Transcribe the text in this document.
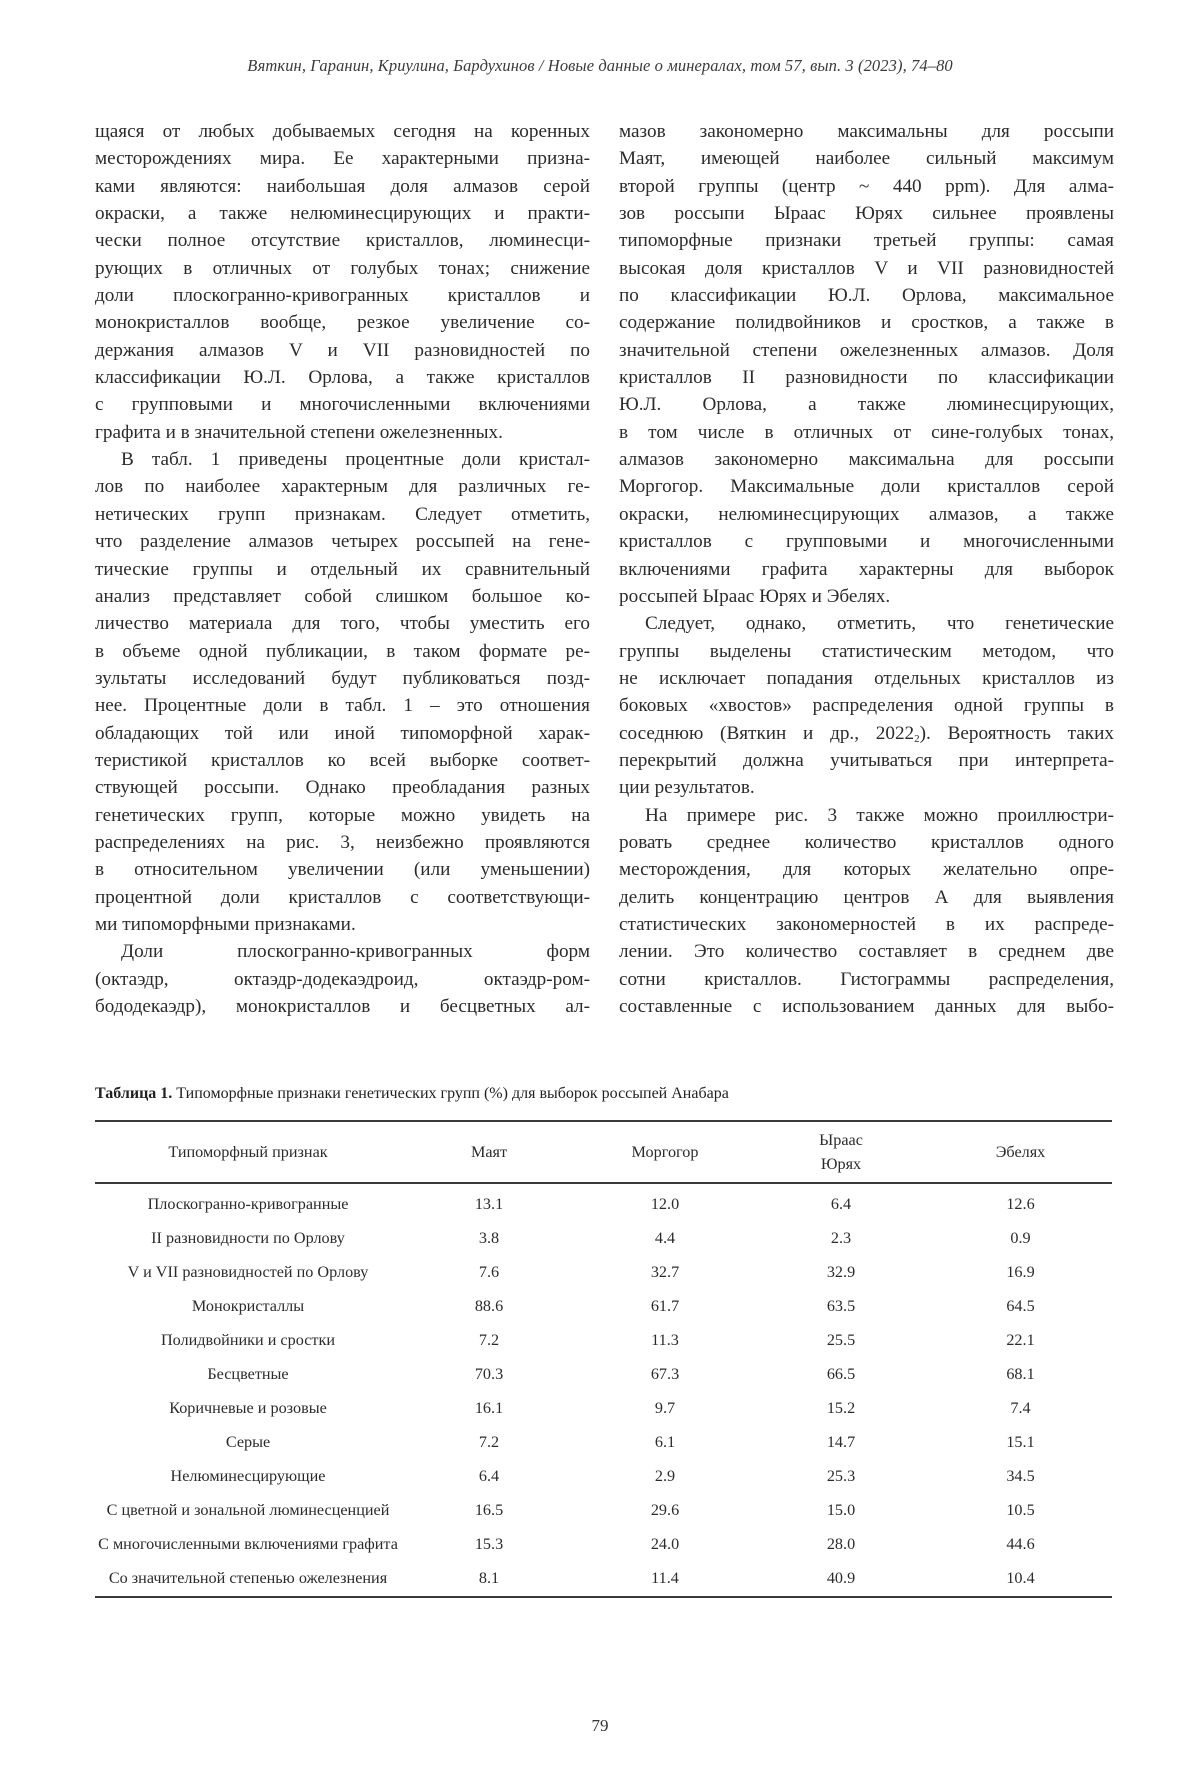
Вяткин, Гаранин, Криулина, Бардухинов / Новые данные о минералах, том 57, вып. 3 (2023), 74–80
щаяся от любых добываемых сегодня на коренных
месторождениях мира. Ее характерными призна-
ками являются: наибольшая доля алмазов серой
окраски, а также нелюминесцирующих и практи-
чески полное отсутствие кристаллов, люминесци-
рующих в отличных от голубых тонах; снижение
доли плоскогранно-кривогранных кристаллов и
монокристаллов вообще, резкое увеличение со-
держания алмазов V и VII разновидностей по
классификации Ю.Л. Орлова, а также кристаллов
с групповыми и многочисленными включениями
графита и в значительной степени ожелезненных.
В табл. 1 приведены процентные доли кристал-
лов по наиболее характерным для различных ге-
нетических групп признакам. Следует отметить,
что разделение алмазов четырех россыпей на гене-
тические группы и отдельный их сравнительный
анализ представляет собой слишком большое ко-
личество материала для того, чтобы уместить его
в объеме одной публикации, в таком формате ре-
зультаты исследований будут публиковаться позд-
нее. Процентные доли в табл. 1 – это отношения
обладающих той или иной типоморфной харак-
теристикой кристаллов ко всей выборке соответ-
ствующей россыпи. Однако преобладания разных
генетических групп, которые можно увидеть на
распределениях на рис. 3, неизбежно проявляются
в относительном увеличении (или уменьшении)
процентной доли кристаллов с соответствующи-
ми типоморфными признаками.
Доли плоскогранно-кривогранных форм
(октаэдр, октаэдр-додекаэдроид, октаэдр-ром-
бододекаэдр), монокристаллов и бесцветных ал-
мазов закономерно максимальны для россыпи
Маят, имеющей наиболее сильный максимум
второй группы (центр ~ 440 ppm). Для алма-
зов россыпи Ыраас Юрях сильнее проявлены
типоморфные признаки третьей группы: самая
высокая доля кристаллов V и VII разновидностей
по классификации Ю.Л. Орлова, максимальное
содержание полидвойников и сростков, а также в
значительной степени ожелезненных алмазов. Доля
кристаллов II разновидности по классификации
Ю.Л. Орлова, а также люминесцирующих,
в том числе в отличных от сине-голубых тонах,
алмазов закономерно максимальна для россыпи
Моргогор. Максимальные доли кристаллов серой
окраски, нелюминесцирующих алмазов, а также
кристаллов с групповыми и многочисленными
включениями графита характерны для выборок
россыпей Ыраас Юрях и Эбелях.
Следует, однако, отметить, что генетические
группы выделены статистическим методом, что
не исключает попадания отдельных кристаллов из
боковых «хвостов» распределения одной группы в
соседнюю (Вяткин и др., $2022_2$). Вероятность таких
перекрытий должна учитываться при интерпрета-
ции результатов.
На примере рис. 3 также можно проиллюстри-
ровать среднее количество кристаллов одного
месторождения, для которых желательно опре-
делить концентрацию центров А для выявления
статистических закономерностей в их распреде-
лении. Это количество составляет в среднем две
сотни кристаллов. Гистограммы распределения,
составленные с использованием данных для выбо-
Таблица 1. Типоморфные признаки генетических групп (%) для выборок россыпей Анабара
Типоморфный признак	Маят	Моргогор	Ыраас Юрях	Эбелях
Плоскогранно-кривогранные	13.1	12.0	6.4	12.6
II разновидности по Орлову	3.8	4.4	2.3	0.9
V и VII разновидностей по Орлову	7.6	32.7	32.9	16.9
Монокристаллы	88.6	61.7	63.5	64.5
Полидвойники и сростки	7.2	11.3	25.5	22.1
Бесцветные	70.3	67.3	66.5	68.1
Коричневые и розовые	16.1	9.7	15.2	7.4
Серые	7.2	6.1	14.7	15.1
Нелюминесцирующие	6.4	2.9	25.3	34.5
С цветной и зональной люминесценцией	16.5	29.6	15.0	10.5
С многочисленными включениями графита	15.3	24.0	28.0	44.6
Со значительной степенью ожелезнения	8.1	11.4	40.9	10.4
79
